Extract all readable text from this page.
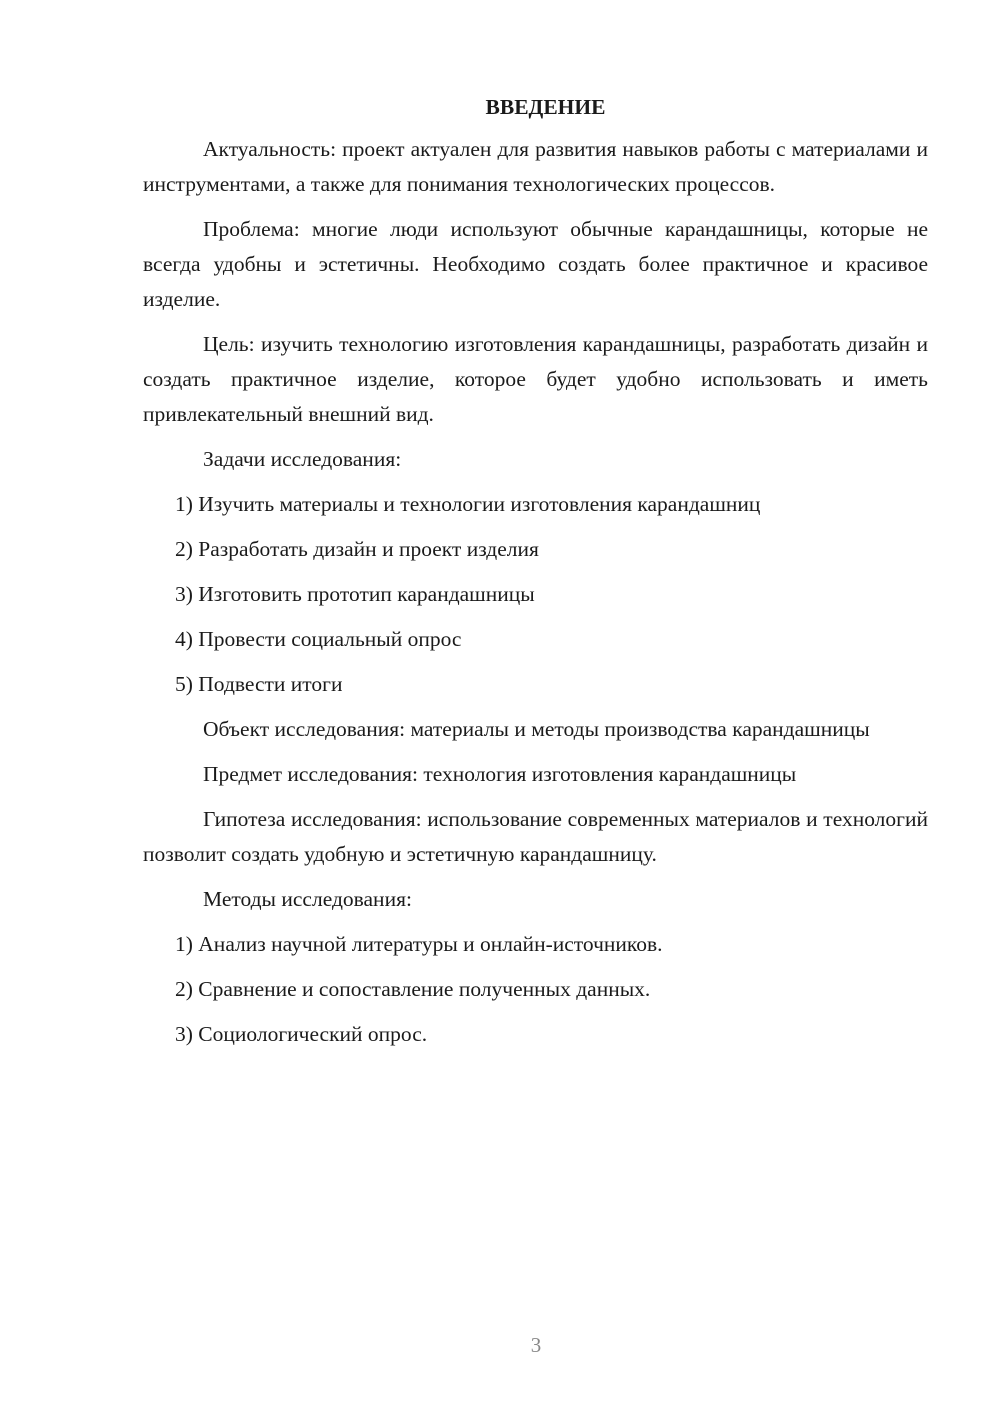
ВВЕДЕНИЕ
Актуальность: проект актуален для развития навыков работы с материалами и инструментами, а также для понимания технологических процессов.
Проблема: многие люди используют обычные карандашницы, которые не всегда удобны и эстетичны. Необходимо создать более практичное и красивое изделие.
Цель: изучить технологию изготовления карандашницы, разработать дизайн и создать практичное изделие, которое будет удобно использовать и иметь привлекательный внешний вид.
Задачи исследования:
1) Изучить материалы и технологии изготовления карандашниц
2) Разработать дизайн и проект изделия
3) Изготовить прототип карандашницы
4) Провести социальный опрос
5) Подвести итоги
Объект исследования: материалы и методы производства карандашницы
Предмет исследования: технология изготовления карандашницы
Гипотеза исследования: использование современных материалов и технологий позволит создать удобную и эстетичную карандашницу.
Методы исследования:
1) Анализ научной литературы и онлайн-источников.
2) Сравнение и сопоставление полученных данных.
3) Социологический опрос.
3
